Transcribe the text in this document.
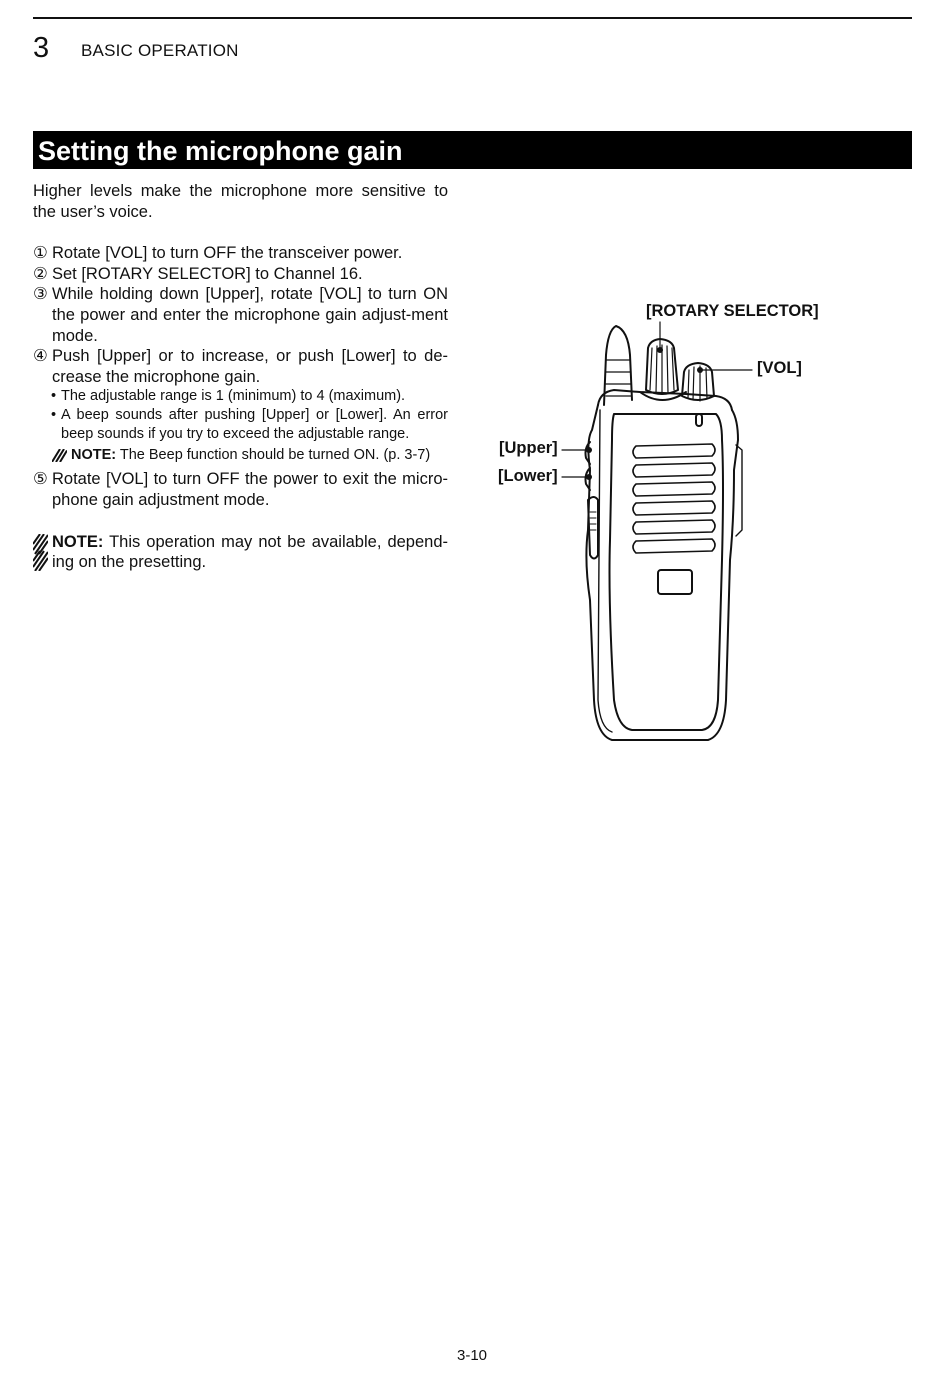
3 BASIC OPERATION
Setting the microphone gain

Higher levels make the microphone more sensitive to the user’s voice.

① Rotate [VOL] to turn OFF the transceiver power.

② Set [ROTARY SELECTOR] to Channel 16.

③ While holding down [Upper], rotate [VOL] to turn ON the power and enter the microphone gain adjust-ment mode.

④ Push [Upper] or to increase, or push [Lower] to de-crease the microphone gain.

• The adjustable range is 1 (minimum) to 4 (maximum).

• A beep sounds after pushing [Upper] or [Lower]. An error beep sounds if you try to exceed the adjustable range.

NOTE: The Beep function should be turned ON. (p. 3-7)

⑤ Rotate [VOL] to turn OFF the power to exit the micro-phone gain adjustment mode.

NOTE: This operation may not be available, depend-ing on the presetting.

[ROTARY SELECTOR]
[VOL]
[Upper]
[Lower]
3-10
